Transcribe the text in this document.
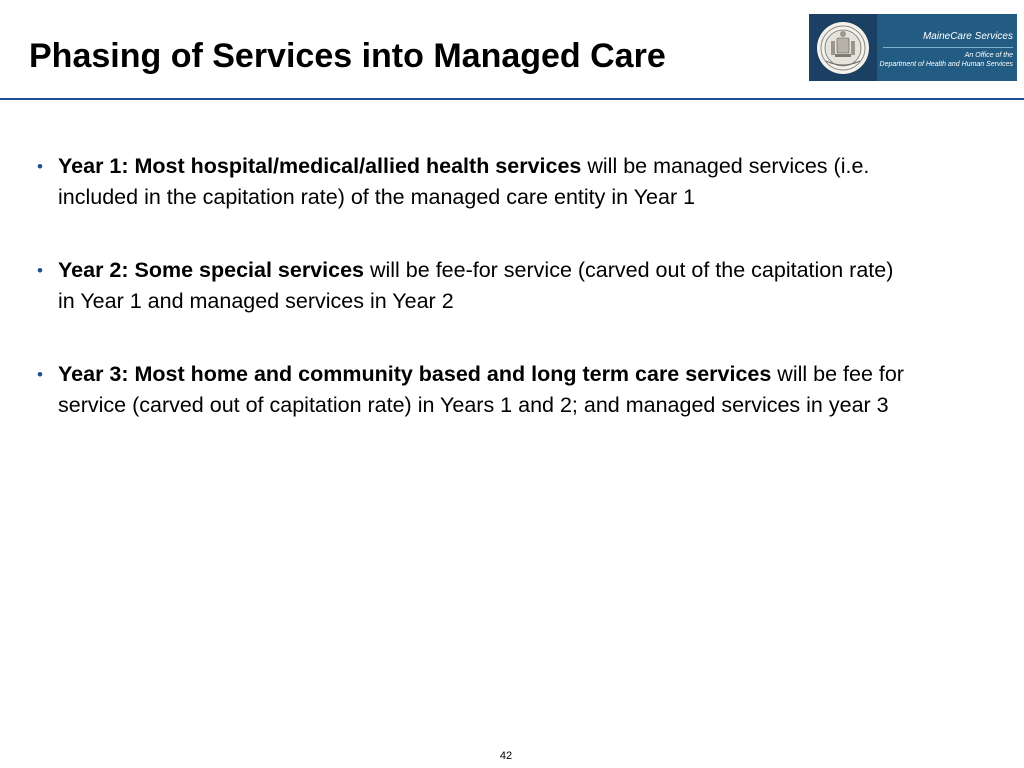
Phasing of Services into Managed Care
MaineCare Services
An Office of the
Department of Health and Human Services
• Year 1: Most hospital/medical/allied health services will be managed services (i.e. included in the capitation rate) of the managed care entity in Year 1
• Year 2: Some special services will be fee-for service (carved out of the capitation rate) in Year 1 and managed services in Year 2
• Year 3: Most home and community based and long term care services will be fee for service (carved out of capitation rate) in Years 1 and 2; and managed services in year 3
42
